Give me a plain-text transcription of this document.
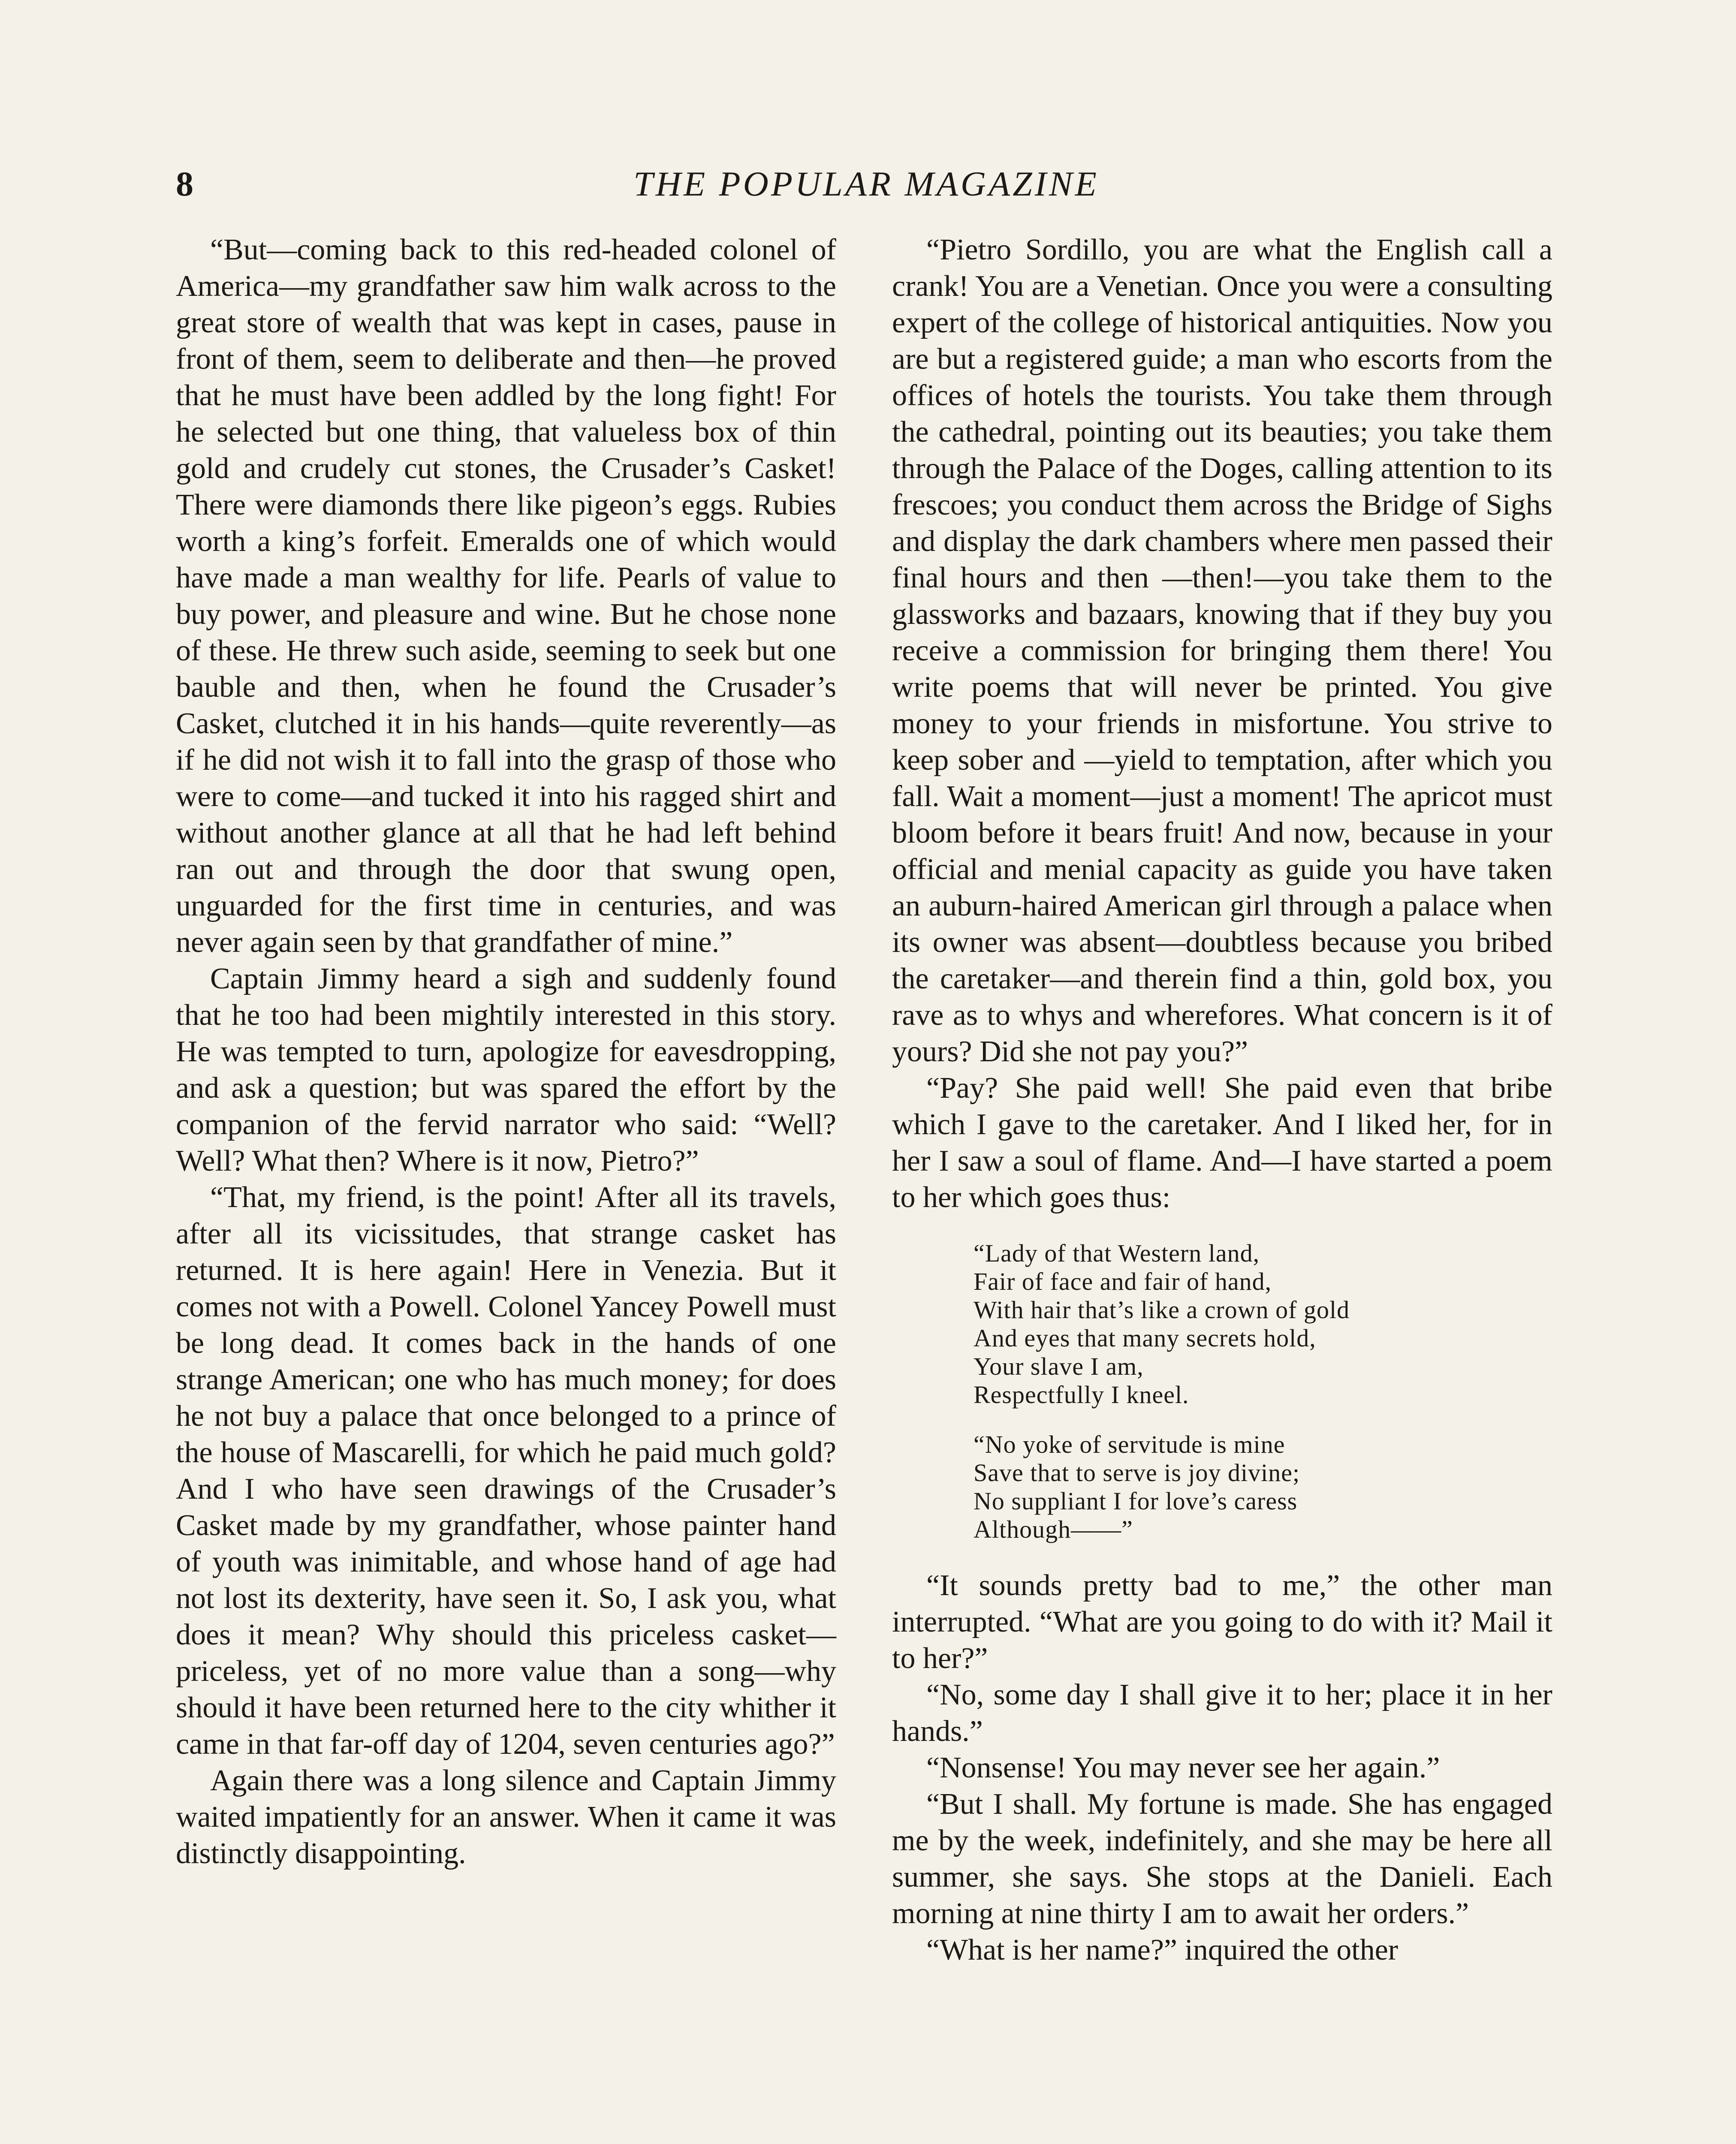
8	THE POPULAR MAGAZINE

“But—coming back to this red-headed colonel of America—my grandfather saw him walk across to the great store of wealth that was kept in cases, pause in front of them, seem to deliberate and then—he proved that he must have been addled by the long fight! For he selected but one thing, that valueless box of thin gold and crudely cut stones, the Crusader’s Casket! There were diamonds there like pigeon’s eggs. Rubies worth a king’s forfeit. Emeralds one of which would have made a man wealthy for life. Pearls of value to buy power, and pleasure and wine. But he chose none of these. He threw such aside, seeming to seek but one bauble and then, when he found the Crusader’s Casket, clutched it in his hands—quite reverently—as if he did not wish it to fall into the grasp of those who were to come—and tucked it into his ragged shirt and without another glance at all that he had left behind ran out and through the door that swung open, unguarded for the first time in centuries, and was never again seen by that grandfather of mine.”

Captain Jimmy heard a sigh and suddenly found that he too had been mightily interested in this story. He was tempted to turn, apologize for eavesdropping, and ask a question; but was spared the effort by the companion of the fervid narrator who said: “Well? Well? What then? Where is it now, Pietro?”

“That, my friend, is the point! After all its travels, after all its vicissitudes, that strange casket has returned. It is here again! Here in Venezia. But it comes not with a Powell. Colonel Yancey Powell must be long dead. It comes back in the hands of one strange American; one who has much money; for does he not buy a palace that once belonged to a prince of the house of Mascarelli, for which he paid much gold? And I who have seen drawings of the Crusader’s Casket made by my grandfather, whose painter hand of youth was inimitable, and whose hand of age had not lost its dexterity, have seen it. So, I ask you, what does it mean? Why should this priceless casket—priceless, yet of no more value than a song—why should it have been returned here to the city whither it came in that far-off day of 1204, seven centuries ago?”

Again there was a long silence and Captain Jimmy waited impatiently for an answer. When it came it was distinctly disappointing.

“Pietro Sordillo, you are what the English call a crank! You are a Venetian. Once you were a consulting expert of the college of historical antiquities. Now you are but a registered guide; a man who escorts from the offices of hotels the tourists. You take them through the cathedral, pointing out its beauties; you take them through the Palace of the Doges, calling attention to its frescoes; you conduct them across the Bridge of Sighs and display the dark chambers where men passed their final hours and then —then!—you take them to the glassworks and bazaars, knowing that if they buy you receive a commission for bringing them there! You write poems that will never be printed. You give money to your friends in misfortune. You strive to keep sober and —yield to temptation, after which you fall. Wait a moment—just a moment! The apricot must bloom before it bears fruit! And now, because in your official and menial capacity as guide you have taken an auburn-haired American girl through a palace when its owner was absent—doubtless because you bribed the caretaker—and therein find a thin, gold box, you rave as to whys and wherefores. What concern is it of yours? Did she not pay you?”

“Pay? She paid well! She paid even that bribe which I gave to the caretaker. And I liked her, for in her I saw a soul of flame. And—I have started a poem to her which goes thus:

“Lady of that Western land,
Fair of face and fair of hand,
With hair that’s like a crown of gold
And eyes that many secrets hold,
Your slave I am,
Respectfully I kneel.
“No yoke of servitude is mine
Save that to serve is joy divine;
No suppliant I for love’s caress
Although——”

“It sounds pretty bad to me,” the other man interrupted. “What are you going to do with it? Mail it to her?”

“No, some day I shall give it to her; place it in her hands.”

“Nonsense! You may never see her again.”

“But I shall. My fortune is made. She has engaged me by the week, indefinitely, and she may be here all summer, she says. She stops at the Danieli. Each morning at nine thirty I am to await her orders.”

“What is her name?” inquired the other
